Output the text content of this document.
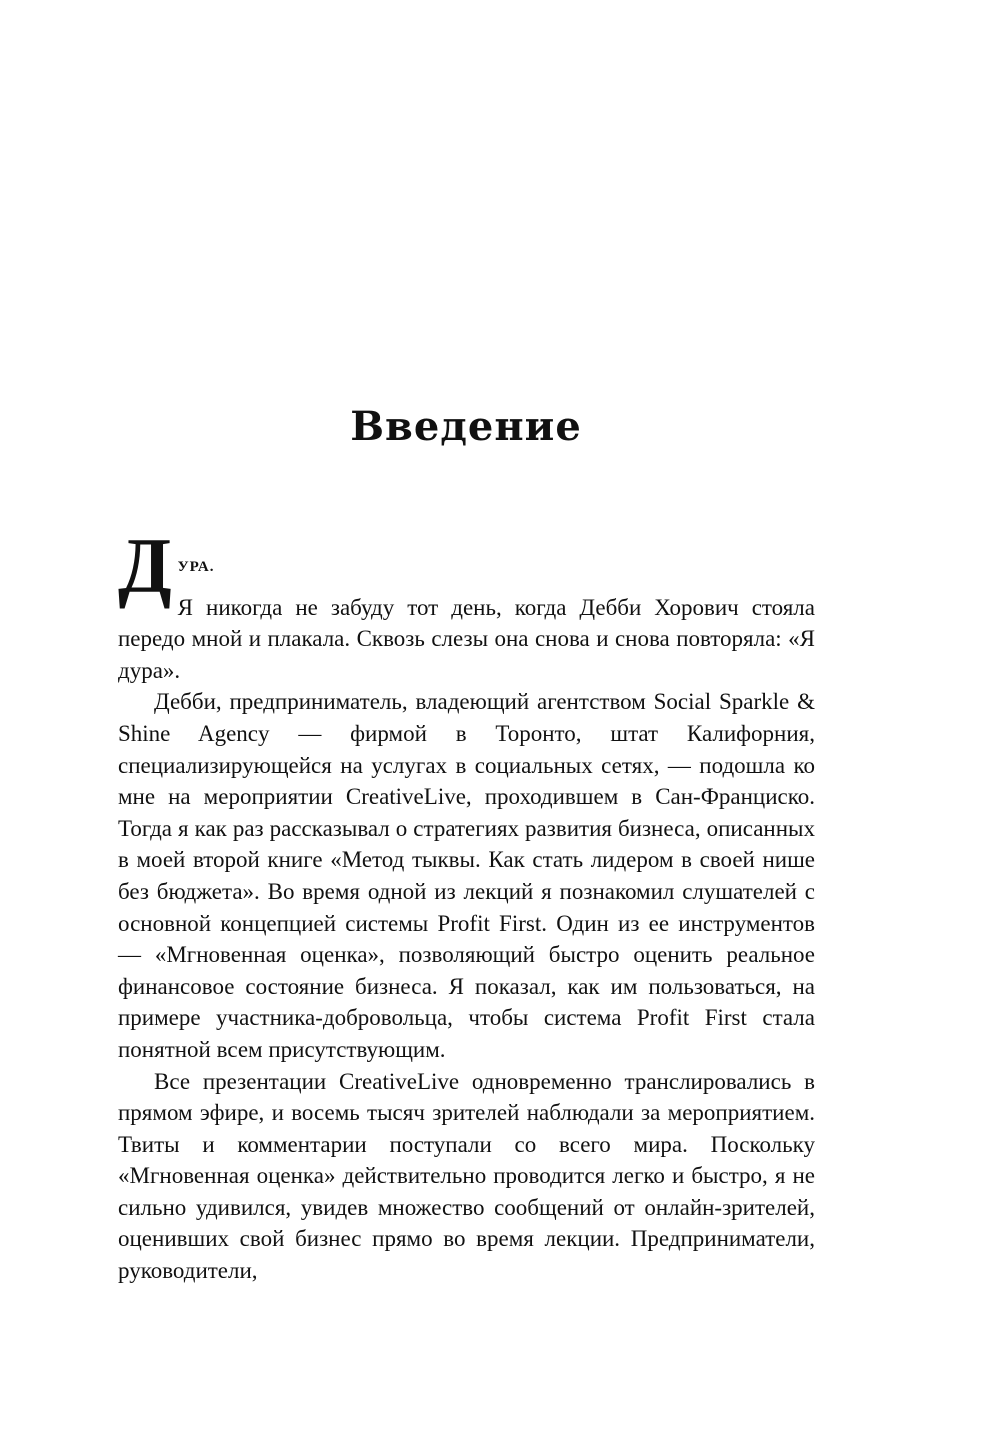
Введение

Д УРА.
Я никогда не забуду тот день, когда Дебби Хорович стояла передо мной и плакала. Сквозь слезы она снова и снова повторяла: «Я дура».

Дебби, предприниматель, владеющий агентством Social Sparkle & Shine Agency — фирмой в Торонто, штат Калифорния, специализирующейся на услугах в социальных сетях, — подошла ко мне на мероприятии CreativeLive, проходившем в Сан-Франциско. Тогда я как раз рассказывал о стратегиях развития бизнеса, описанных в моей второй книге «Метод тыквы. Как стать лидером в своей нише без бюджета». Во время одной из лекций я познакомил слушателей с основной концепцией системы Profit First. Один из ее инструментов — «Мгновенная оценка», позволяющий быстро оценить реальное финансовое состояние бизнеса. Я показал, как им пользоваться, на примере участника-добровольца, чтобы система Profit First стала понятной всем присутствующим.

Все презентации CreativeLive одновременно транслировались в прямом эфире, и восемь тысяч зрителей наблюдали за мероприятием. Твиты и комментарии поступали со всего мира. Поскольку «Мгновенная оценка» действительно проводится легко и быстро, я не сильно удивился, увидев множество сообщений от онлайн-зрителей, оценивших свой бизнес прямо во время лекции. Предприниматели, руководители,
